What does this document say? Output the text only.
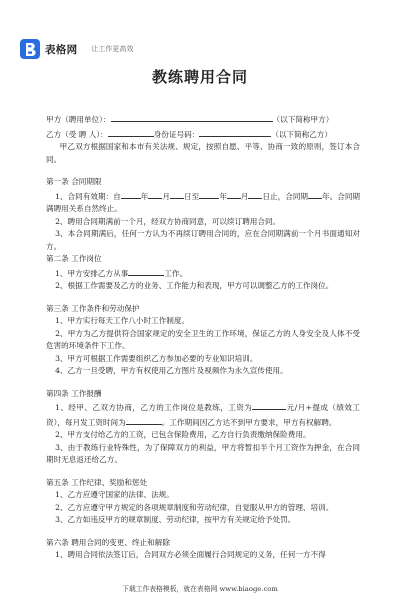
表格网 让工作更高效
教练聘用合同
甲方（聘用单位）：	（以下简称甲方）
乙方（受 聘 人）：	身份证号码：	（以下简称乙方）
甲乙双方根据国家和本市有关法规、规定，按照自愿、平等、协商一致的原则，签订本合同。
第一条 合同期限
1、合同有效期：自	年 月 日至	年 月 日止，合同期 年。合同期满聘用关系自然终止。
2、聘用合同期满前一个月，经双方协商同意，可以续订聘用合同。
3、本合同期满后，任何一方认为不再续订聘用合同的，应在合同期满前一个月书面通知对方。
第二条 工作岗位
1、甲方安排乙方从事	工作。
2、根据工作需要及乙方的业务、工作能力和表现，甲方可以调整乙方的工作岗位。
第三条 工作条件和劳动保护
1、甲方实行每天工作八小时工作制度。
2、甲方为乙方提供符合国家规定的安全卫生的工作环境，保证乙方的人身安全及人体不受危害的环境条件下工作。
3、甲方可根据工作需要组织乙方参加必要的专业知识培训。
4、乙方一旦受聘，甲方有权使用乙方图片及视频作为永久宣传使用。
第四条 工作报酬
1、经甲、乙双方协商，乙方的工作岗位是教练，工资为	元/月+提成（绩效工资），每月发工资时间为	。工作期间因乙方达不到甲方要求，甲方有权解聘。
2、甲方支付给乙方的工资，已包含保险费用，乙方自行负责缴纳保险费用。
3、由于教练行业特殊性，为了保障双方的利益，甲方将暂扣半个月工资作为押金，在合同期时无息返还给乙方。
第五条 工作纪律、奖励和惩处
1、乙方应遵守国家的法律、法规。
2、乙方应遵守甲方规定的各项规章制度和劳动纪律，自觉服从甲方的管理、培训。
3、乙方如违反甲方的规章制度、劳动纪律，按甲方有关规定给予处罚。
第六条 聘用合同的变更、终止和解除
1、聘用合同依法签订后，合同双方必须全面履行合同规定的义务，任何一方不得
下载工作表格模板，就在表格网 www.biaoge.com
